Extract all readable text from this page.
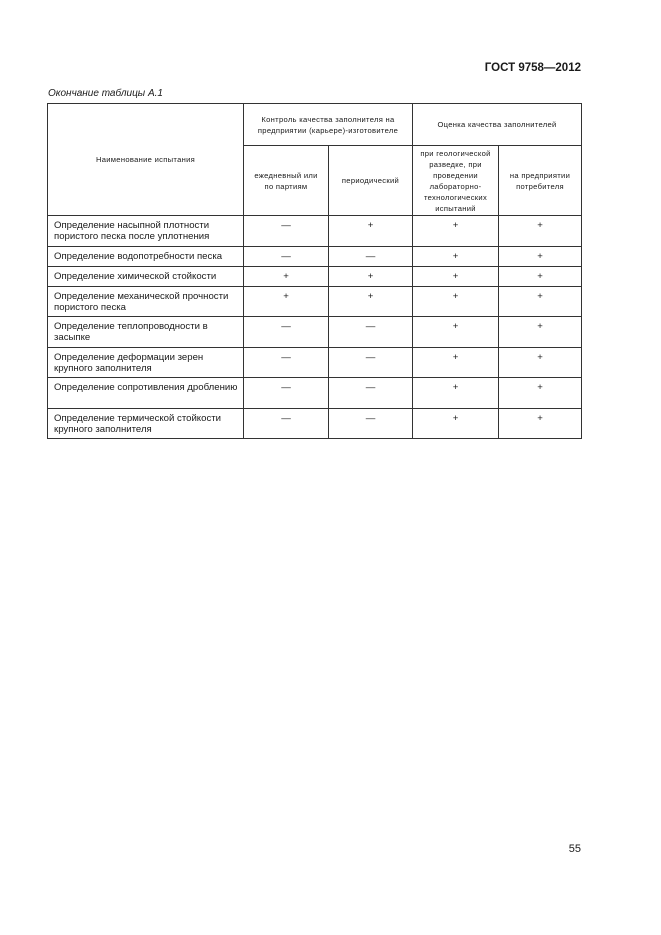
ГОСТ 9758—2012
Окончание таблицы А.1
Наименование испытания	Контроль качества заполнителя на предприятии (карьере)-изготовителе		Оценка качества заполнителей	
	ежедневный или по партиям	периодический	при геологической разведке, при проведении лабораторно-технологических испытаний	на предприятии потребителя
Определение насыпной плотности пористого песка после уплотнения	—	+	+	+
Определение водопотребности песка	—	—	+	+
Определение химической стойкости	+	+	+	+
Определение механической прочности пористого песка	+	+	+	+
Определение теплопроводности в засыпке	—	—	+	+
Определение деформации зерен крупного заполнителя	—	—	+	+
Определение сопротивления дроблению	—	—	+	+
Определение термической стойкости крупного заполнителя	—	—	+	+
55
